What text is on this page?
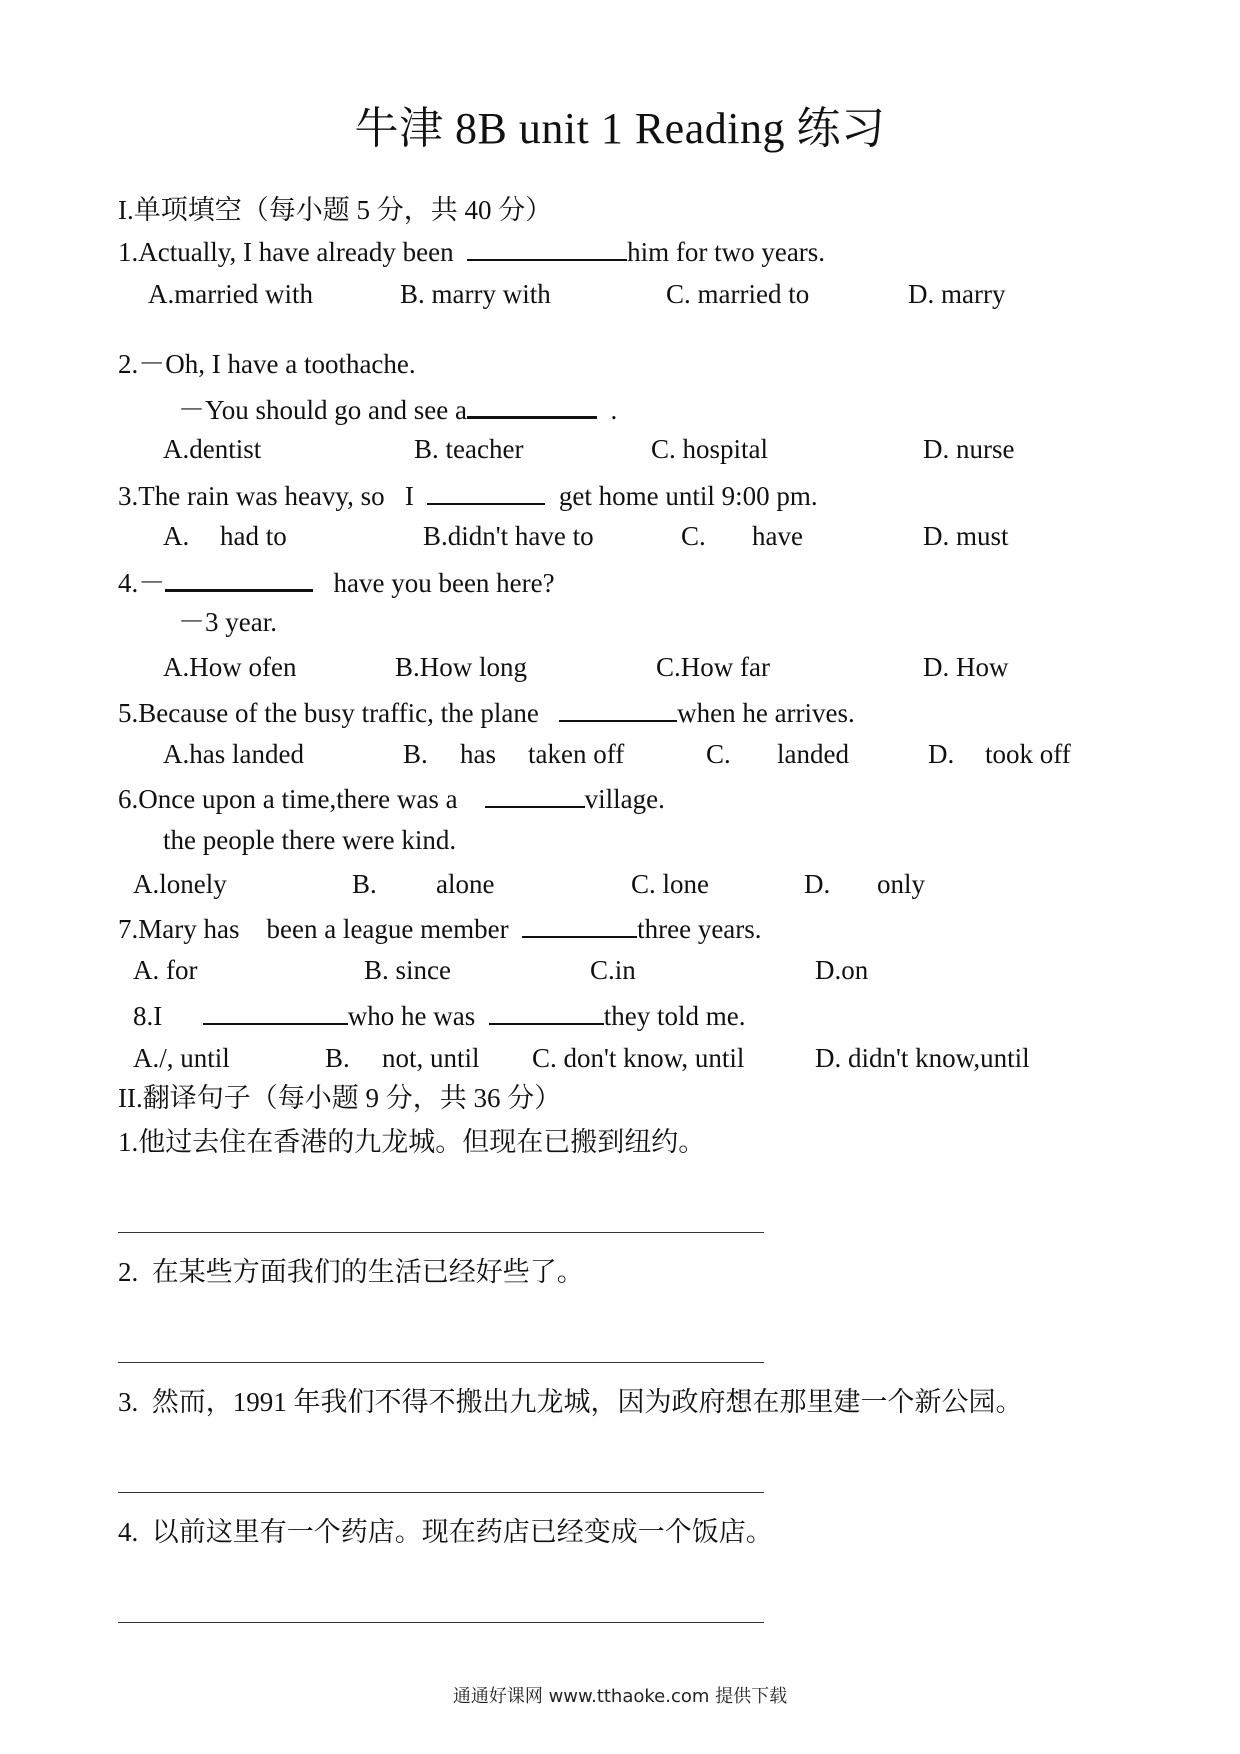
牛津 8B unit 1 Reading 练习
I.单项填空（每小题 5 分，共 40 分）
1.Actually, I have already been	him for two years.
A.married with	B. marry with	C. married to	D. marry
2.－Oh, I have a toothache.
－You should go and see a	.
A.dentist	B. teacher	C. hospital	D. nurse
3.The rain was heavy, so I	get home until 9:00 pm.
A. had to	B.didn't have to	C. have	D. must
4.－	have you been here?
－3 year.
A.How ofen	B.How long	C.How far	D. How
5.Because of the busy traffic, the plane	when he arrives.
A.has landed	B. has taken off	C. landed	D. took off
6.Once upon a time,there was a	village.
the people there were kind.
A.lonely	B. alone	C. lone	D. only
7.Mary has been a league member	three years.
A. for	B. since	C.in	D.on
8.I	who he was	they told me.
A./, until	B. not, until C. don't know, until	D. didn't know,until
II.翻译句子（每小题 9 分，共 36 分）
1.他过去住在香港的九龙城。但现在已搬到纽约。
2.  在某些方面我们的生活已经好些了。
3.  然而，1991 年我们不得不搬出九龙城，因为政府想在那里建一个新公园。
4.  以前这里有一个药店。现在药店已经变成一个饭店。
通通好课网 www.tthaoke.com 提供下载
